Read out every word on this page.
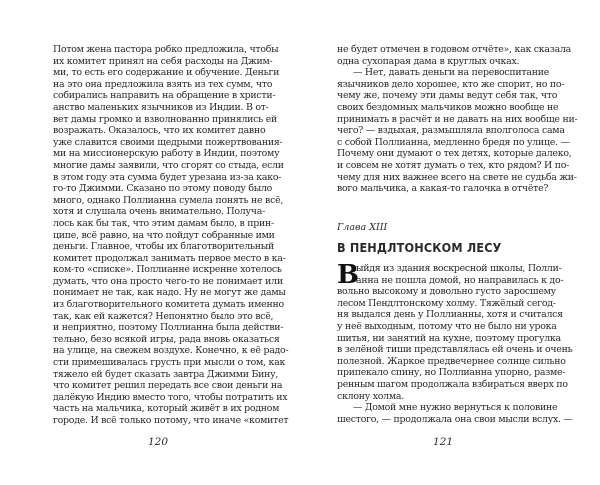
Потом жена пастора робко предложила, чтобы
их комитет принял на себя расходы на Джим-
ми, то есть его содержание и обучение. Деньги
на это она предложила взять из тех сумм, что
собирались направить на обращение в христи-
анство маленьких язычников из Индии. В от-
вет дамы громко и взволнованно принялись ей
возражать. Оказалось, что их комитет давно
уже славится своими щедрыми пожертвования-
ми на миссионерскую работу в Индии, поэтому
многие дамы заявили, что сгорят со стыда, если
в этом году эта сумма будет урезана из-за како-
го-то Джимми. Сказано по этому поводу было
много, однако Поллианна сумела понять не всё,
хотя и слушала очень внимательно. Получа-
лось как бы так, что этим дамам было, в прин-
ципе, всё равно, на что пойдут собранные ими
деньги. Главное, чтобы их благотворительный
комитет продолжал занимать первое место в ка-
ком-то «списке». Поллианне искренне хотелось
думать, что она просто чего-то не понимает или
понимает не так, как надо. Ну не могут же дамы
из благотворительного комитета думать именно
так, как ей кажется? Непонятно было это всё,
и неприятно, поэтому Поллианна была действи-
тельно, безо всякой игры, рада вновь оказаться
на улице, на свежем воздухе. Конечно, к её радо-
сти примешивалась грусть при мысли о том, как
тяжело ей будет сказать завтра Джимми Бину,
что комитет решил передать все свои деньги на
далёкую Индию вместо того, чтобы потратить их
часть на мальчика, который живёт в их родном
городе. И всё только потому, что иначе «комитет
120
не будет отмечен в годовом отчёте», как сказала
одна сухопарая дама в круглых очках.
— Нет, давать деньги на перевоспитание
язычников дело хорошее, кто же спорит, но по-
чему же, почему эти дамы ведут себя так, что
своих бездомных мальчиков можно вообще не
принимать в расчёт и не давать на них вообще ни-
чего? — вздыхая, размышляла вполголоса сама
с собой Поллианна, медленно бредя по улице. —
Почему они думают о тех детях, которые далеко,
и совсем не хотят думать о тех, кто рядом? И по-
чему для них важнее всего на свете не судьба жи-
вого мальчика, а какая-то галочка в отчёте?
Глава XIII
В ПЕНДЛТОНСКОМ ЛЕСУ
В
ыйдя из здания воскресной школы, Полли-
анна не пошла домой, но направилась к до-
вольно высокому и довольно густо заросшему
лесом Пендлтонскому холму. Тяжёлый сегод-
ня выдался день у Поллианны, хотя и считался
у неё выходным, потому что не было ни урока
шитья, ни занятий на кухне, поэтому прогулка
в зелёной тиши представлялась ей очень и очень
полезной. Жаркое предвечернее солнце сильно
припекало спину, но Поллианна упорно, разме-
ренным шагом продолжала взбираться вверх по
склону холма.
— Домой мне нужно вернуться к половине
шестого, — продолжала она свои мысли вслух. —
121
